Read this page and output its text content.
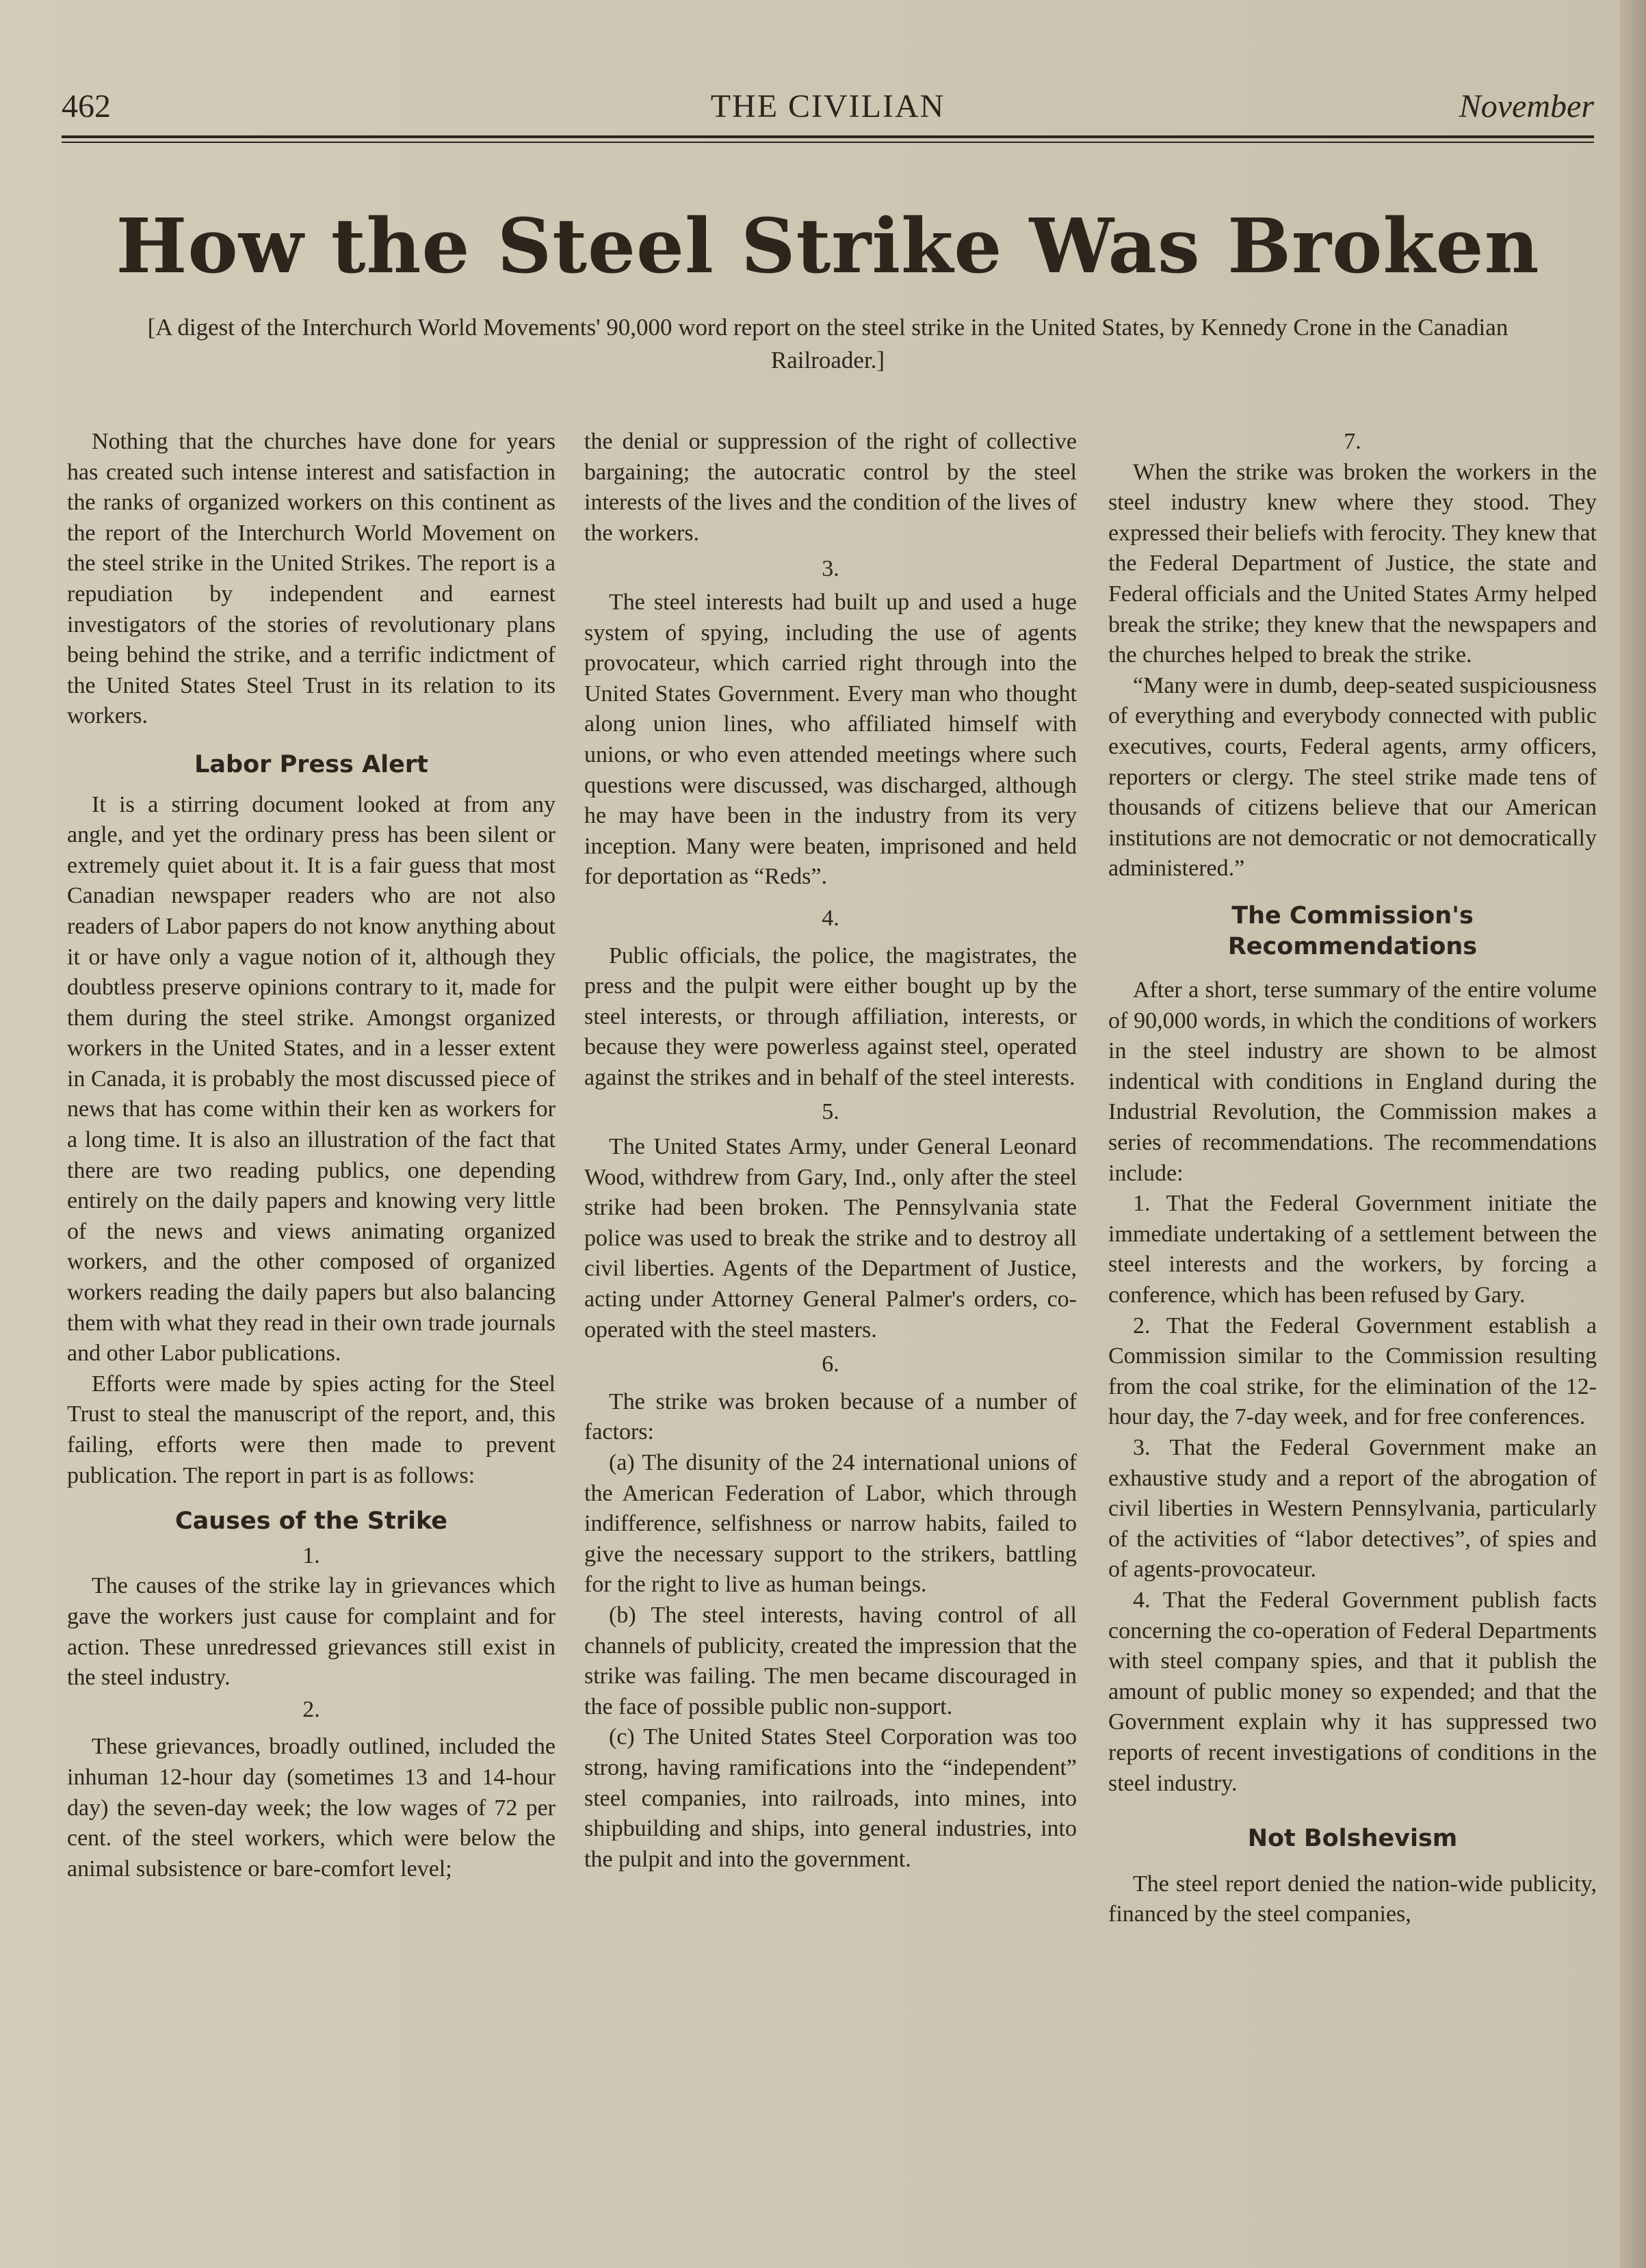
THE CIVILIAN
462	November
How the Steel Strike Was Broken
[A digest of the Interchurch World Movements' 90,000 word report on the steel strike in the United States, by Kennedy Crone in the Canadian Railroader.]

Nothing that the churches have done for years has created such intense interest and satisfaction in the ranks of organized workers on this continent as the report of the Interchurch World Movement on the steel strike in the United Strikes. The report is a repudiation by independent and earnest investigators of the stories of revolutionary plans being behind the strike, and a terrific indictment of the United States Steel Trust in its relation to its workers.

Labor Press Alert

It is a stirring document looked at from any angle, and yet the ordinary press has been silent or extremely quiet about it. It is a fair guess that most Canadian newspaper readers who are not also readers of Labor papers do not know anything about it or have only a vague notion of it, although they doubtless preserve opinions contrary to it, made for them during the steel strike. Amongst organized workers in the United States, and in a lesser extent in Canada, it is probably the most discussed piece of news that has come within their ken as workers for a long time. It is also an illustration of the fact that there are two reading publics, one depending entirely on the daily papers and knowing very little of the news and views animating organized workers, and the other composed of organized workers reading the daily papers but also balancing them with what they read in their own trade journals and other Labor publications.

Efforts were made by spies acting for the Steel Trust to steal the manuscript of the report, and, this failing, efforts were then made to prevent publication. The report in part is as follows:

Causes of the Strike

1.

The causes of the strike lay in grievances which gave the workers just cause for complaint and for action. These unredressed grievances still exist in the steel industry.

2.

These grievances, broadly outlined, included the inhuman 12-hour day (sometimes 13 and 14-hour day) the seven-day week; the low wages of 72 per cent. of the steel workers, which were below the animal subsistence or bare-comfort level;

the denial or suppression of the right of collective bargaining; the autocratic control by the steel interests of the lives and the condition of the lives of the workers.

3.

The steel interests had built up and used a huge system of spying, including the use of agents provocateur, which carried right through into the United States Government. Every man who thought along union lines, who affiliated himself with unions, or who even attended meetings where such questions were discussed, was discharged, although he may have been in the industry from its very inception. Many were beaten, imprisoned and held for deportation as “Reds”.

4.

Public officials, the police, the magistrates, the press and the pulpit were either bought up by the steel interests, or through affiliation, interests, or because they were powerless against steel, operated against the strikes and in behalf of the steel interests.

5.

The United States Army, under General Leonard Wood, withdrew from Gary, Ind., only after the steel strike had been broken. The Pennsylvania state police was used to break the strike and to destroy all civil liberties. Agents of the Department of Justice, acting under Attorney General Palmer's orders, co-operated with the steel masters.

6.

The strike was broken because of a number of factors:

(a) The disunity of the 24 international unions of the American Federation of Labor, which through indifference, selfishness or narrow habits, failed to give the necessary support to the strikers, battling for the right to live as human beings.

(b) The steel interests, having control of all channels of publicity, created the impression that the strike was failing. The men became discouraged in the face of possible public non-support.

(c) The United States Steel Corporation was too strong, having ramifications into the “independent” steel companies, into railroads, into mines, into shipbuilding and ships, into general industries, into the pulpit and into the government.

7.

When the strike was broken the workers in the steel industry knew where they stood. They expressed their beliefs with ferocity. They knew that the Federal Department of Justice, the state and Federal officials and the United States Army helped break the strike; they knew that the newspapers and the churches helped to break the strike.

“Many were in dumb, deep-seated suspiciousness of everything and everybody connected with public executives, courts, Federal agents, army officers, reporters or clergy. The steel strike made tens of thousands of citizens believe that our American institutions are not democratic or not democratically administered.”

The Commission's Recommendations

After a short, terse summary of the entire volume of 90,000 words, in which the conditions of workers in the steel industry are shown to be almost indentical with conditions in England during the Industrial Revolution, the Commission makes a series of recommendations. The recommendations include:

1. That the Federal Government initiate the immediate undertaking of a settlement between the steel interests and the workers, by forcing a conference, which has been refused by Gary.

2. That the Federal Government establish a Commission similar to the Commission resulting from the coal strike, for the elimination of the 12-hour day, the 7-day week, and for free conferences.

3. That the Federal Government make an exhaustive study and a report of the abrogation of civil liberties in Western Pennsylvania, particularly of the activities of “labor detectives”, of spies and of agents-provocateur.

4. That the Federal Government publish facts concerning the co-operation of Federal Departments with steel company spies, and that it publish the amount of public money so expended; and that the Government explain why it has suppressed two reports of recent investigations of conditions in the steel industry.

Not Bolshevism

The steel report denied the nation-wide publicity, financed by the steel companies,
